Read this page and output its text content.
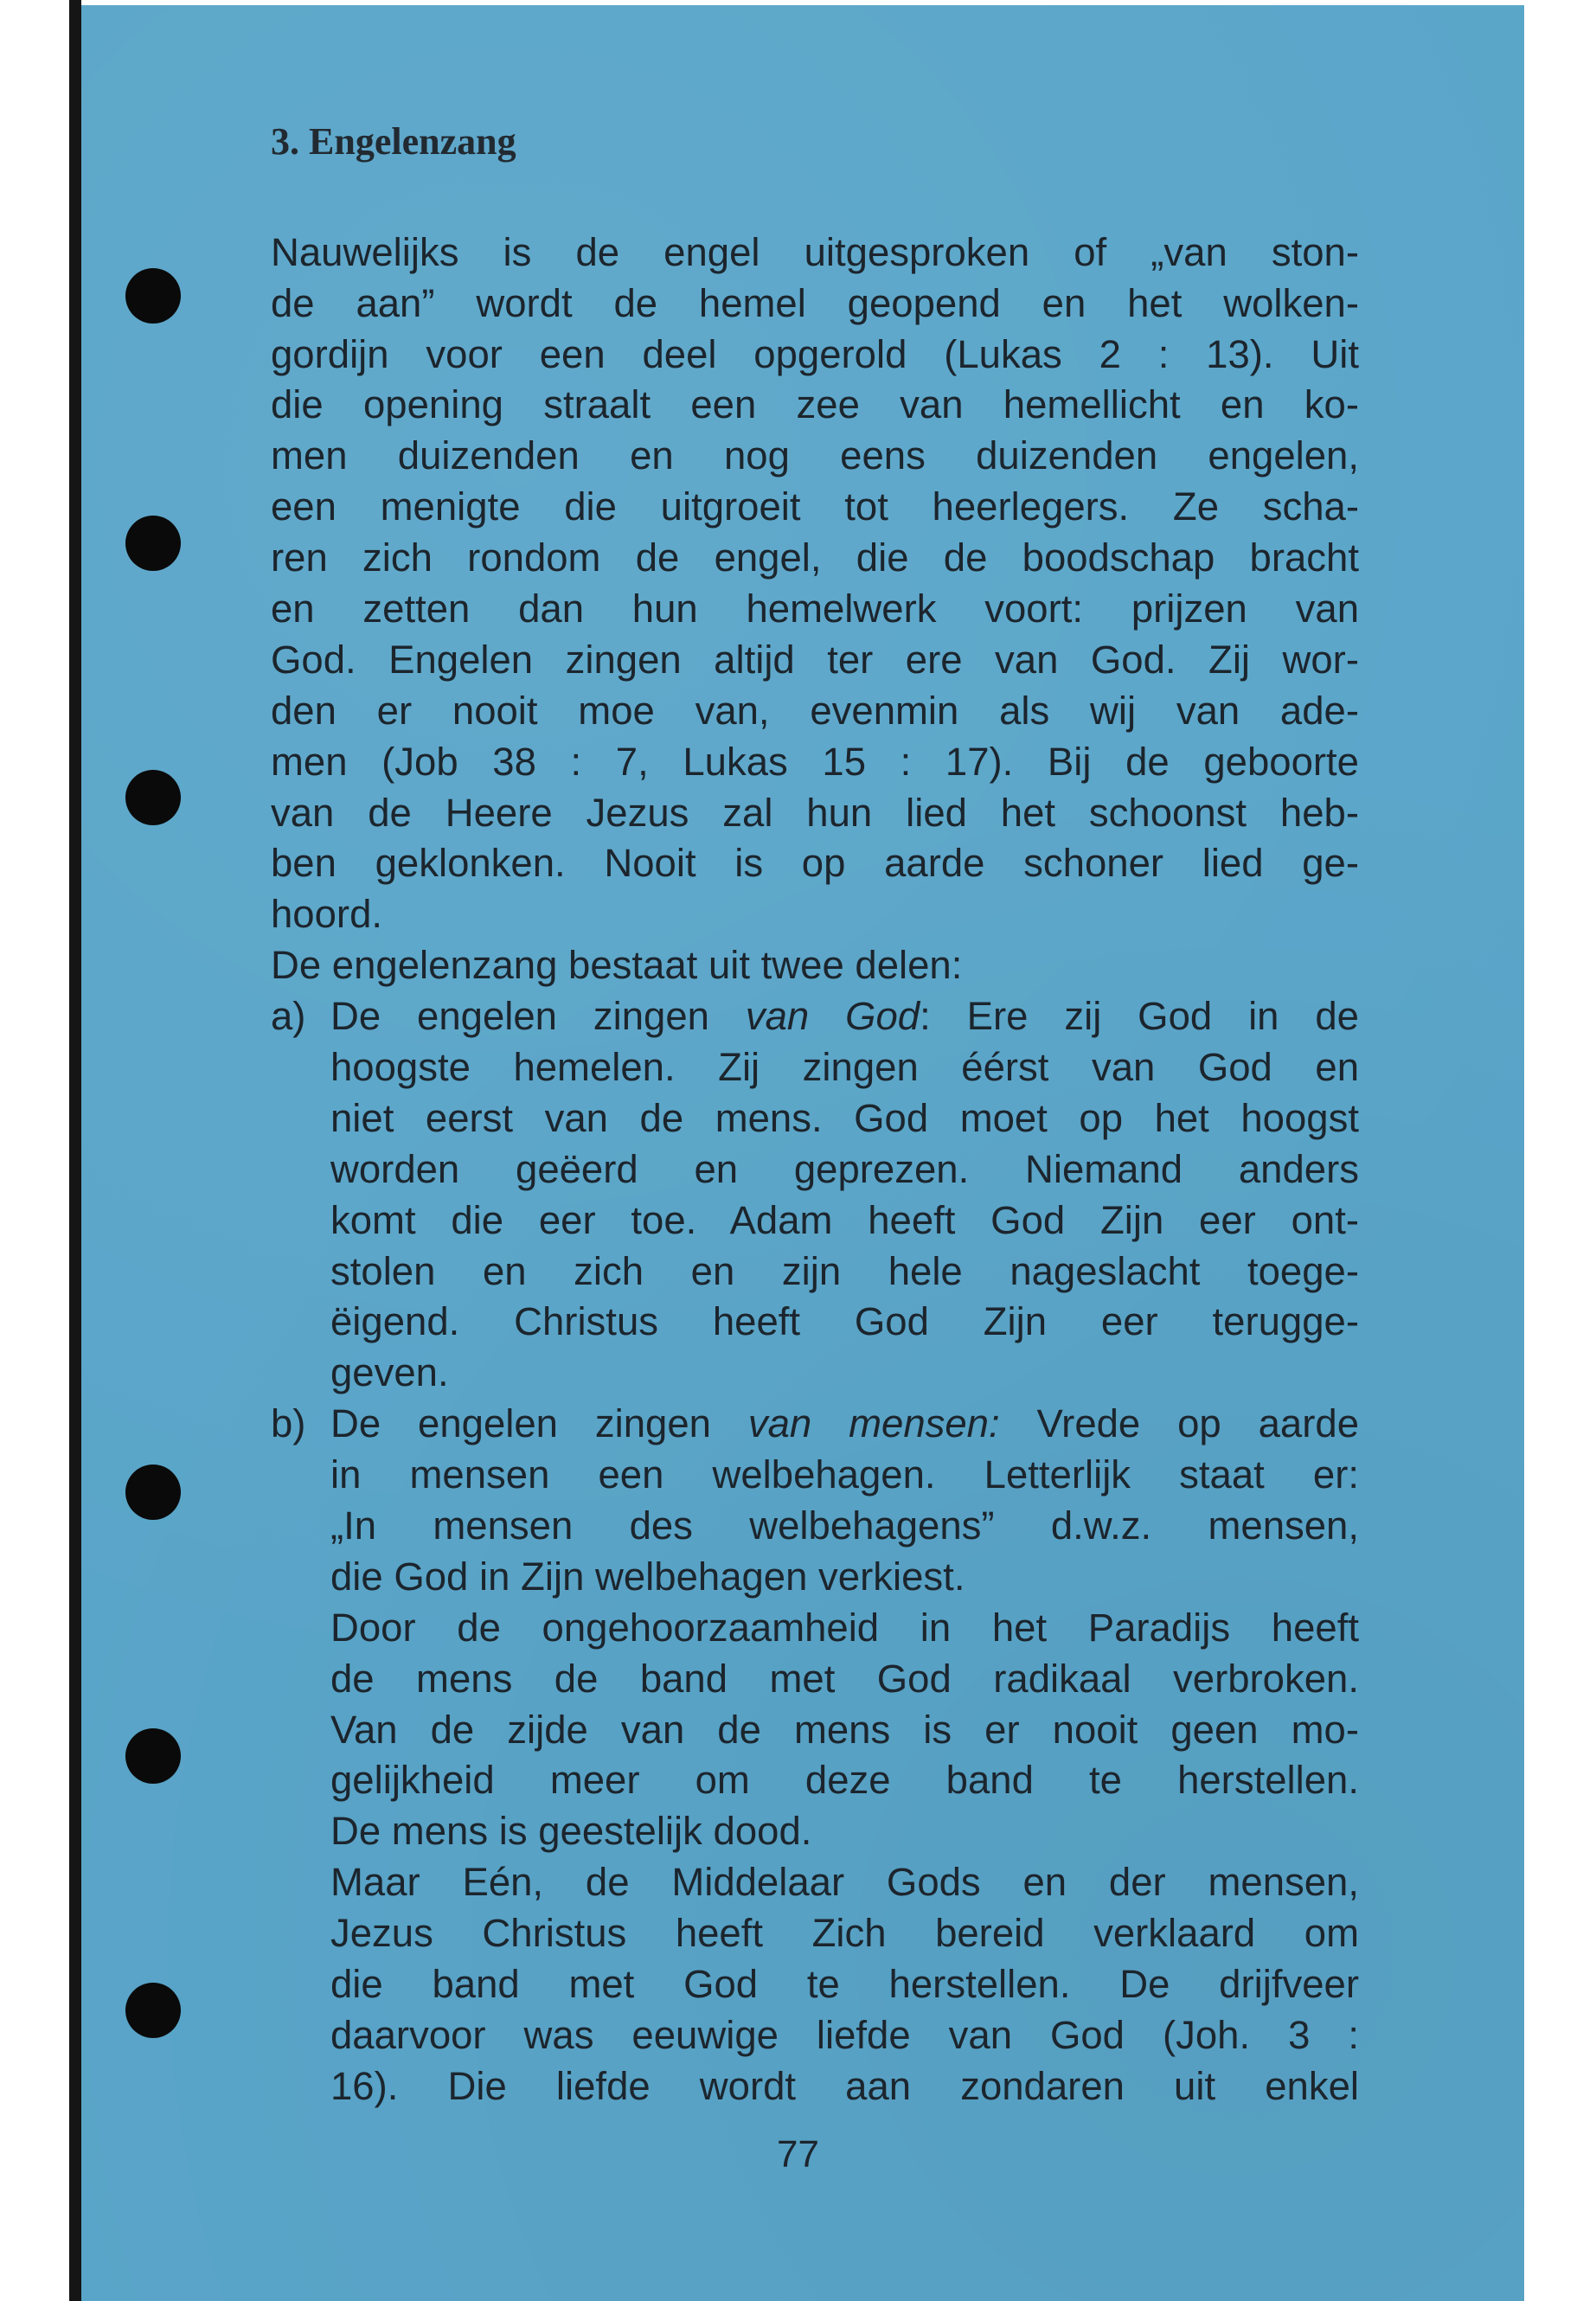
3. Engelenzang
Nauwelijks is de engel uitgesproken of „van ston-
de aan” wordt de hemel geopend en het wolken-
gordijn voor een deel opgerold (Lukas 2 : 13). Uit
die opening straalt een zee van hemellicht en ko-
men duizenden en nog eens duizenden engelen,
een menigte die uitgroeit tot heerlegers. Ze scha-
ren zich rondom de engel, die de boodschap bracht
en zetten dan hun hemelwerk voort: prijzen van
God. Engelen zingen altijd ter ere van God. Zij wor-
den er nooit moe van, evenmin als wij van ade-
men (Job 38 : 7, Lukas 15 : 17). Bij de geboorte
van de Heere Jezus zal hun lied het schoonst heb-
ben geklonken. Nooit is op aarde schoner lied ge-
hoord.
De engelenzang bestaat uit twee delen:
a) De engelen zingen van God: Ere zij God in de
hoogste hemelen. Zij zingen éérst van God en
niet eerst van de mens. God moet op het hoogst
worden geëerd en geprezen. Niemand anders
komt die eer toe. Adam heeft God Zijn eer ont-
stolen en zich en zijn hele nageslacht toege-
ëigend. Christus heeft God Zijn eer terugge-
geven.
b) De engelen zingen van mensen: Vrede op aarde
in mensen een welbehagen. Letterlijk staat er:
„In mensen des welbehagens” d.w.z. mensen,
die God in Zijn welbehagen verkiest.
Door de ongehoorzaamheid in het Paradijs heeft
de mens de band met God radikaal verbroken.
Van de zijde van de mens is er nooit geen mo-
gelijkheid meer om deze band te herstellen.
De mens is geestelijk dood.
Maar Eén, de Middelaar Gods en der mensen,
Jezus Christus heeft Zich bereid verklaard om
die band met God te herstellen. De drijfveer
daarvoor was eeuwige liefde van God (Joh. 3 :
16). Die liefde wordt aan zondaren uit enkel
77
